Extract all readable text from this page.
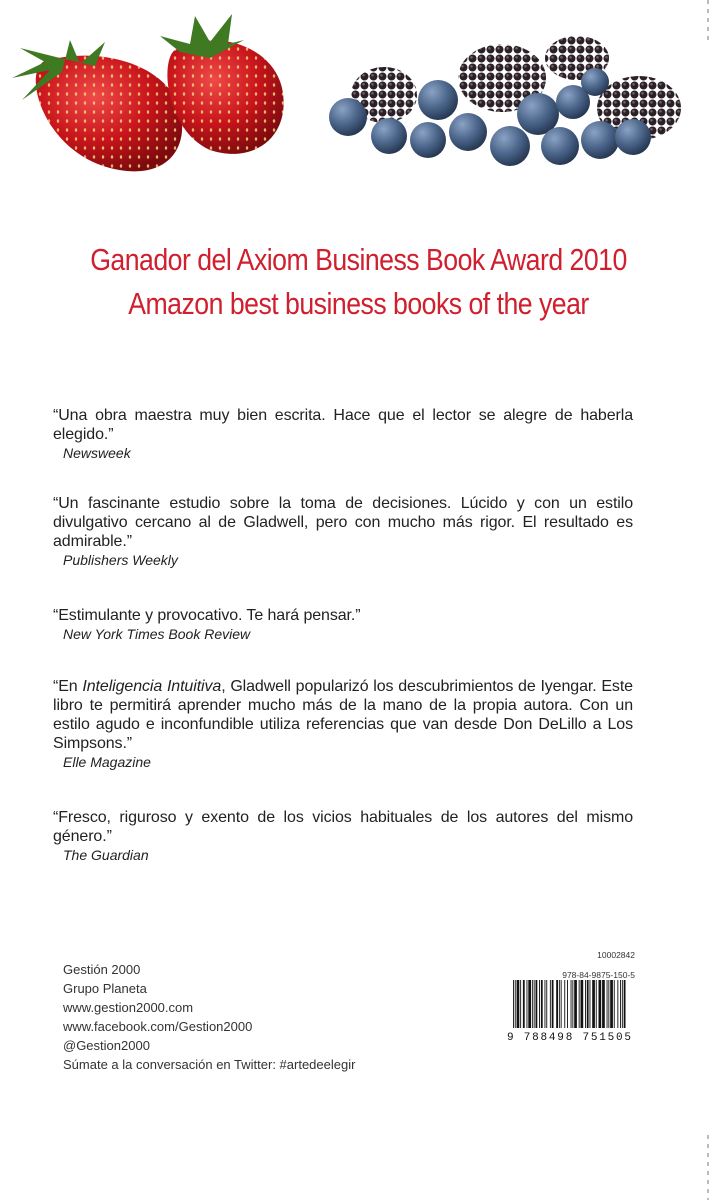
Ganador del Axiom Business Book Award 2010
Amazon best business books of the year
“Una obra maestra muy bien escrita. Hace que el lector se alegre de haberla elegido.”
Newsweek
“Un fascinante estudio sobre la toma de decisiones. Lúcido y con un estilo divulgativo cercano al de Gladwell, pero con mucho más rigor. El resultado es admirable.”
Publishers Weekly
“Estimulante y provocativo. Te hará pensar.”
New York Times Book Review
“En Inteligencia Intuitiva, Gladwell popularizó los descubrimientos de Iyengar. Este libro te permitirá aprender mucho más de la mano de la propia autora. Con un estilo agudo e inconfundible utiliza referencias que van desde Don DeLillo a Los Simpsons.”
Elle Magazine
“Fresco, riguroso y exento de los vicios habituales de los autores del mismo género.”
The Guardian
Gestión 2000
Grupo Planeta
www.gestion2000.com
www.facebook.com/Gestion2000
@Gestion2000
Súmate a la conversación en Twitter: #artedeelegir
10002842
978-84-9875-150-5
9 788498 751505
